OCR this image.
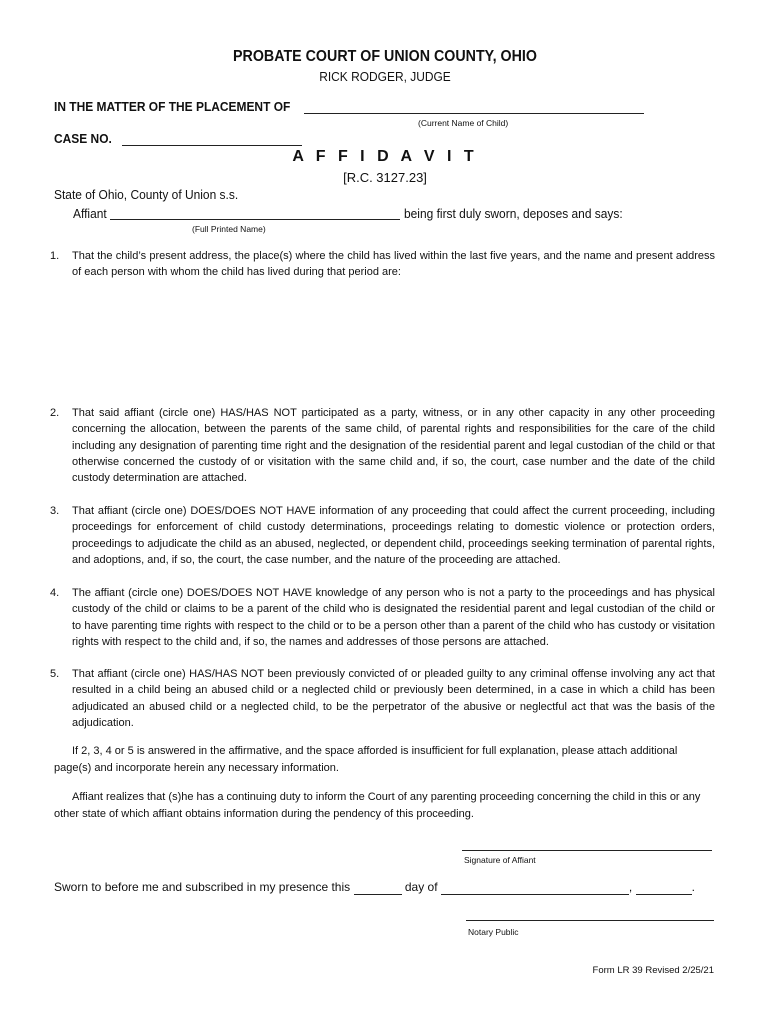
PROBATE COURT OF UNION COUNTY, OHIO
RICK RODGER, JUDGE
IN THE MATTER OF THE PLACEMENT OF
(Current Name of Child)
CASE NO.
A F F I D A V I T
[R.C. 3127.23]
State of Ohio, County of Union s.s.
Affiant	being first duly sworn, deposes and says:
(Full Printed Name)
1.	That the child’s present address, the place(s) where the child has lived within the last five years, and the name and present address of each person with whom the child has lived during that period are:
2.	That said affiant (circle one) HAS/HAS NOT participated as a party, witness, or in any other capacity in any other proceeding concerning the allocation, between the parents of the same child, of parental rights and responsibilities for the care of the child including any designation of parenting time right and the designation of the residential parent and legal custodian of the child or that otherwise concerned the custody of or visitation with the same child and, if so, the court, case number and the date of the child custody determination are attached.
3.	That affiant (circle one) DOES/DOES NOT HAVE information of any proceeding that could affect the current proceeding, including proceedings for enforcement of child custody determinations, proceedings relating to domestic violence or protection orders, proceedings to adjudicate the child as an abused, neglected, or dependent child, proceedings seeking termination of parental rights, and adoptions, and, if so, the court, the case number, and the nature of the proceeding are attached.
4.	The affiant (circle one) DOES/DOES NOT HAVE knowledge of any person who is not a party to the proceedings and has physical custody of the child or claims to be a parent of the child who is designated the residential parent and legal custodian of the child or to have parenting time rights with respect to the child or to be a person other than a parent of the child who has custody or visitation rights with respect to the child and, if so, the names and addresses of those persons are attached.
5.	That affiant (circle one) HAS/HAS NOT been previously convicted of or pleaded guilty to any criminal offense involving any act that resulted in a child being an abused child or a neglected child or previously been determined, in a case in which a child has been adjudicated an abused child or a neglected child, to be the perpetrator of the abusive or neglectful act that was the basis of the adjudication.
If 2, 3, 4 or 5 is answered in the affirmative, and the space afforded is insufficient for full explanation, please attach additional page(s) and incorporate herein any necessary information.
Affiant realizes that (s)he has a continuing duty to inform the Court of any parenting proceeding concerning the child in this or any other state of which affiant obtains information during the pendency of this proceeding.
Signature of Affiant
Sworn to before me and subscribed in my presence this	day of	,	.
Notary Public
Form LR 39 Revised 2/25/21
